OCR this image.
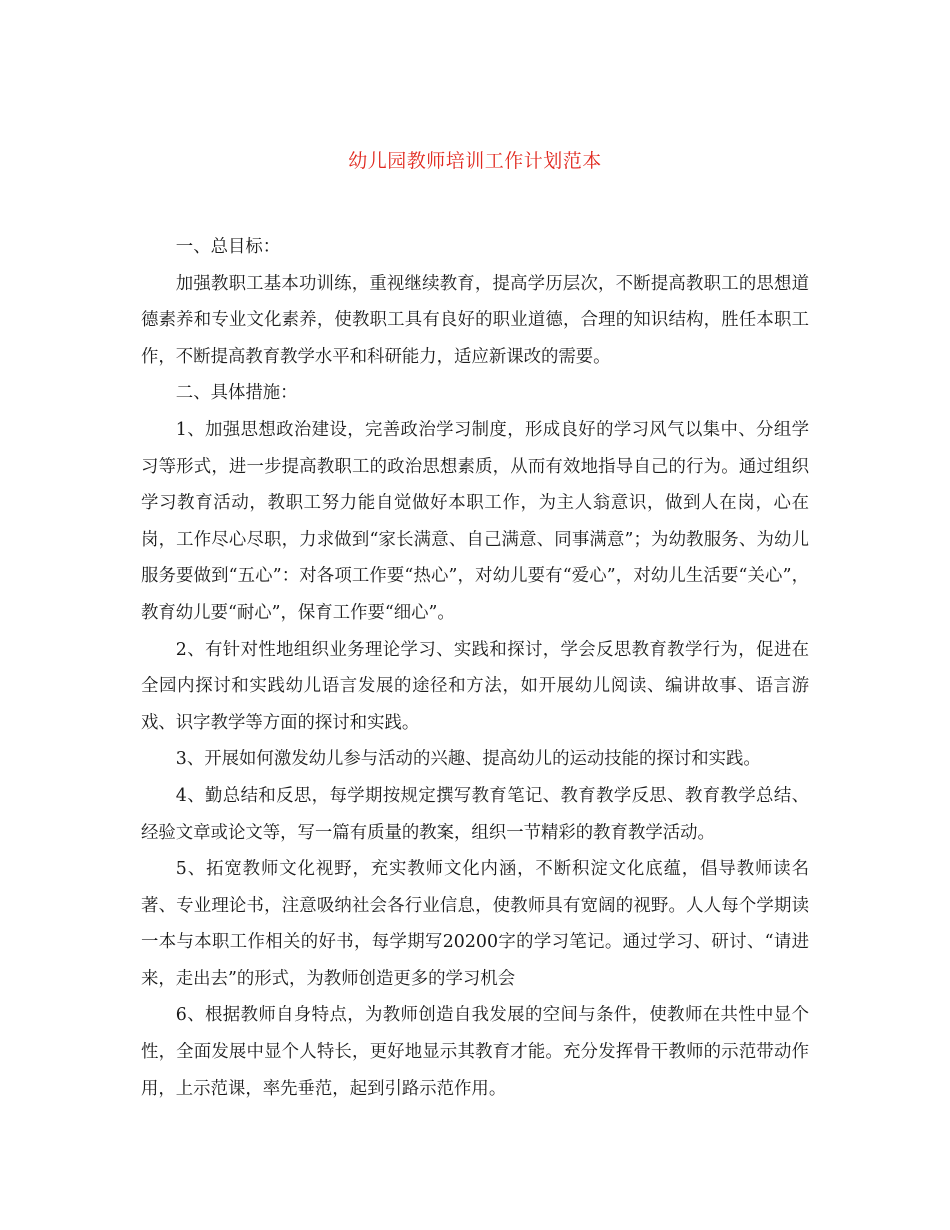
幼儿园教师培训工作计划范本

一、总目标：

加强教职工基本功训练，重视继续教育，提高学历层次，不断提高教职工的思想道德素养和专业文化素养，使教职工具有良好的职业道德，合理的知识结构，胜任本职工作，不断提高教育教学水平和科研能力，适应新课改的需要。

二、具体措施：

1、加强思想政治建设，完善政治学习制度，形成良好的学习风气以集中、分组学习等形式，进一步提高教职工的政治思想素质，从而有效地指导自己的行为。通过组织学习教育活动，教职工努力能自觉做好本职工作，为主人翁意识，做到人在岗，心在岗，工作尽心尽职，力求做到“家长满意、自己满意、同事满意”；为幼教服务、为幼儿服务要做到“五心”：对各项工作要“热心”，对幼儿要有“爱心”，对幼儿生活要“关心”，教育幼儿要“耐心”，保育工作要“细心”。

2、有针对性地组织业务理论学习、实践和探讨，学会反思教育教学行为，促进在全园内探讨和实践幼儿语言发展的途径和方法，如开展幼儿阅读、编讲故事、语言游戏、识字教学等方面的探讨和实践。

3、开展如何激发幼儿参与活动的兴趣、提高幼儿的运动技能的探讨和实践。

4、勤总结和反思，每学期按规定撰写教育笔记、教育教学反思、教育教学总结、经验文章或论文等，写一篇有质量的教案，组织一节精彩的教育教学活动。

5、拓宽教师文化视野，充实教师文化内涵，不断积淀文化底蕴，倡导教师读名著、专业理论书，注意吸纳社会各行业信息，使教师具有宽阔的视野。人人每个学期读一本与本职工作相关的好书，每学期写20200字的学习笔记。通过学习、研讨、“请进来，走出去”的形式，为教师创造更多的学习机会

6、根据教师自身特点，为教师创造自我发展的空间与条件，使教师在共性中显个性，全面发展中显个人特长，更好地显示其教育才能。充分发挥骨干教师的示范带动作用，上示范课，率先垂范，起到引路示范作用。
